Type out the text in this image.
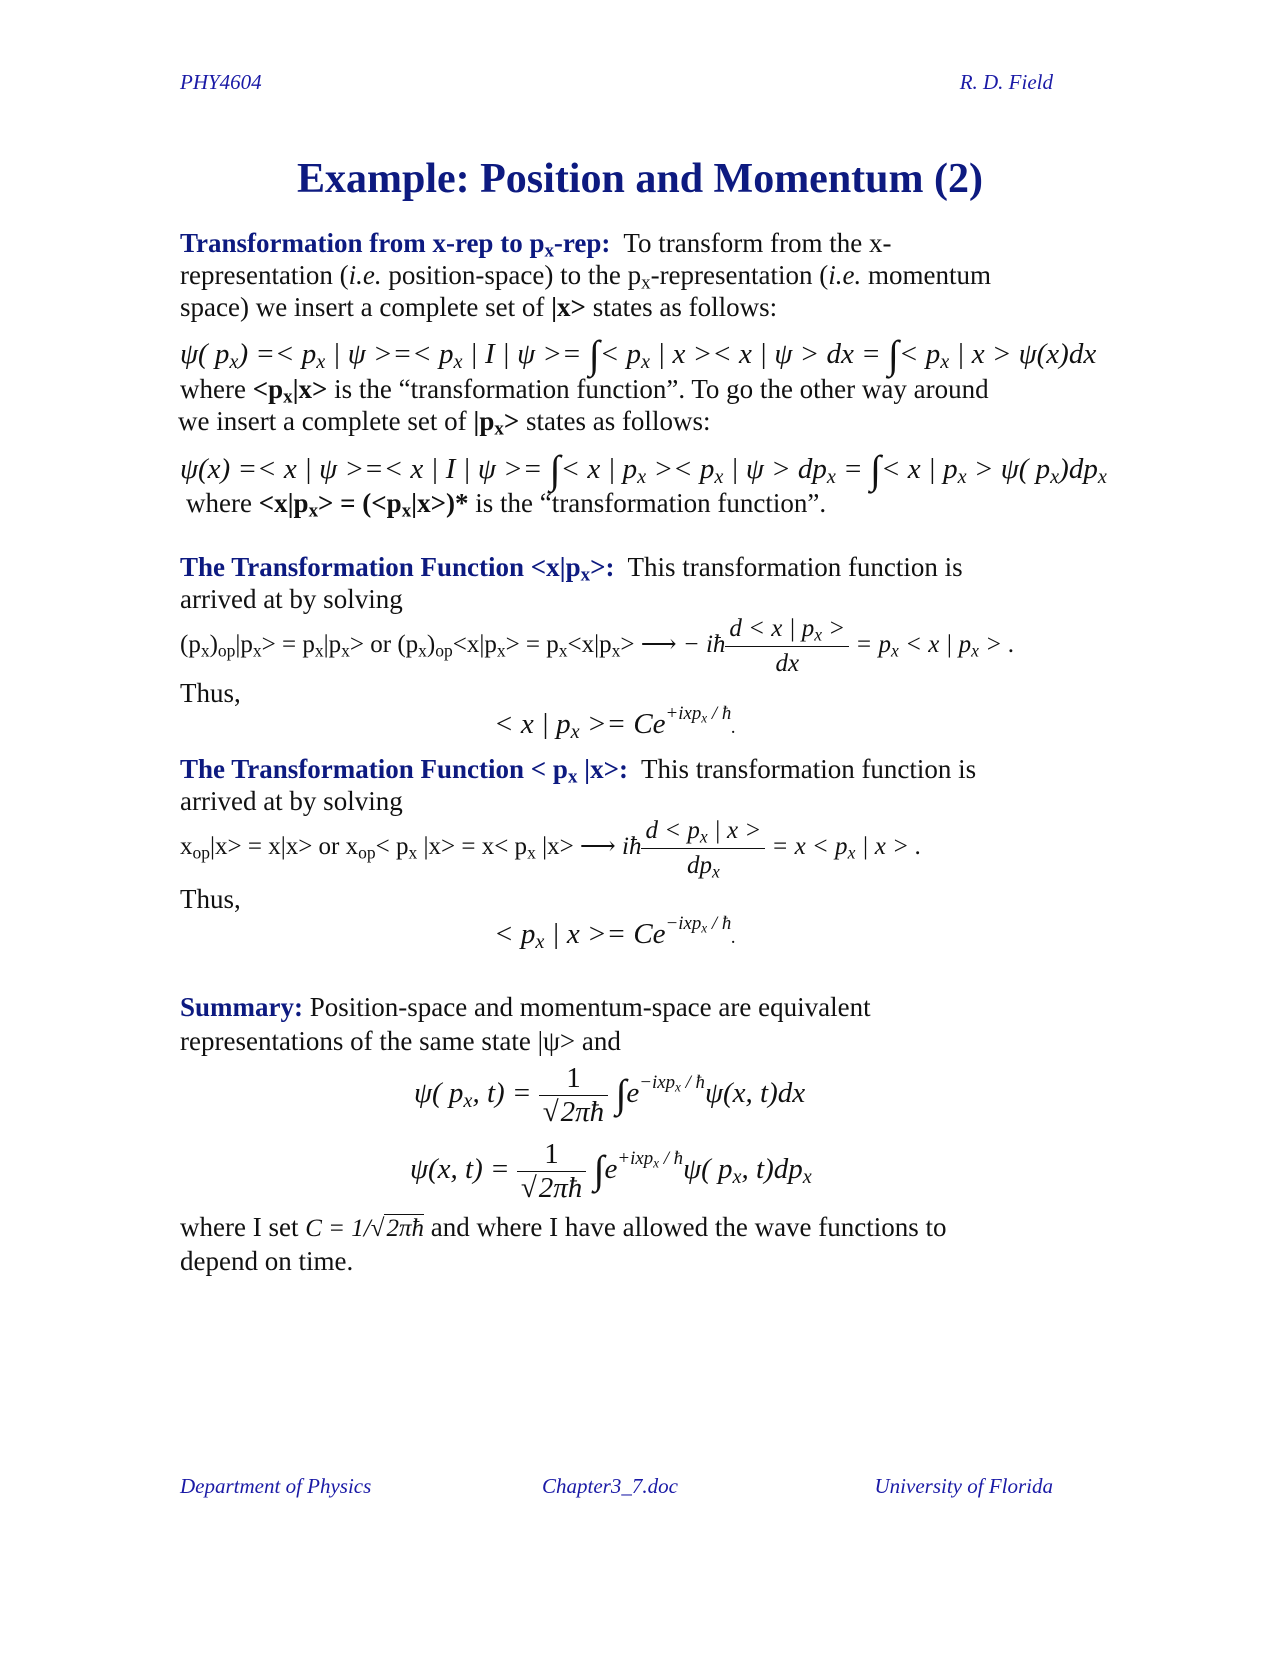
PHY4604	R. D. Field
Example: Position and Momentum (2)
Transformation from x-rep to $p_x$-rep: To transform from the x-
representation (i.e. position-space) to the $p_x$-representation (i.e. momentum
space) we insert a complete set of |x> states as follows:
ψ( $p_x) =< p_x$ | ψ >=< $p_x$ | I | ψ >= ∫< $p_x$ | x >< x | ψ > dx = ∫< $p_x$ | x > ψ(x)dx
where $<p_x|x>$ is the “transformation function”. To go the other way around
we insert a complete set of $|p_x>$ states as follows:
ψ(x) =< x | ψ >=< x | I | ψ >= ∫< x | $p_x >< p_x$ | $\psi > dp_x$ = ∫< x | $p_x > \psi$( $p_x)dp_x$
where $<x|p_x> = (<p_x|x>)*$ is the “transformation function”.
The Transformation Function $<x|p_x>$: This transformation function is
arrived at by solving
$(p_x)_{op}|p_x> = p_x|p_x>$ or $(p_x)_{op}<x|p_x> = p_x<x|p_x>$ ⟶ − iħ $\frac{d < x | p_x >}{dx} = p_x < x$ | $p_x$ > .
Thus,
< x | $p_x >= Ce^{+ixp_x / ħ}$.
The Transformation Function < $p_x$ |x>: This transformation function is
arrived at by solving
$x_{op}|x> = x|x>$ or $x_{op}< p_x$ $|x> = x< p_x$ |x> ⟶ iħ $\frac{d < p_x | x >}{dp_x} = x < p_x$ | x > .
Thus,
< $p_x$ | $x >= Ce^{-ixp_x / ħ}$.
Summary: Position-space and momentum-space are equivalent
representations of the same state |ψ> and
ψ( $p_x$, $t) = \frac{1}{√2\pi ħ} \int e^{-ixp_x / ħ}\psi(x$, t)dx
ψ(x, $t) = \frac{1}{√2\pi ħ} \int e^{+ixp_x / ħ}\psi$( $p_x$, $t)dp_x$
where I set C = 1/√2πħ and where I have allowed the wave functions to
depend on time.
Department of Physics	Chapter3_7.doc	University of Florida
